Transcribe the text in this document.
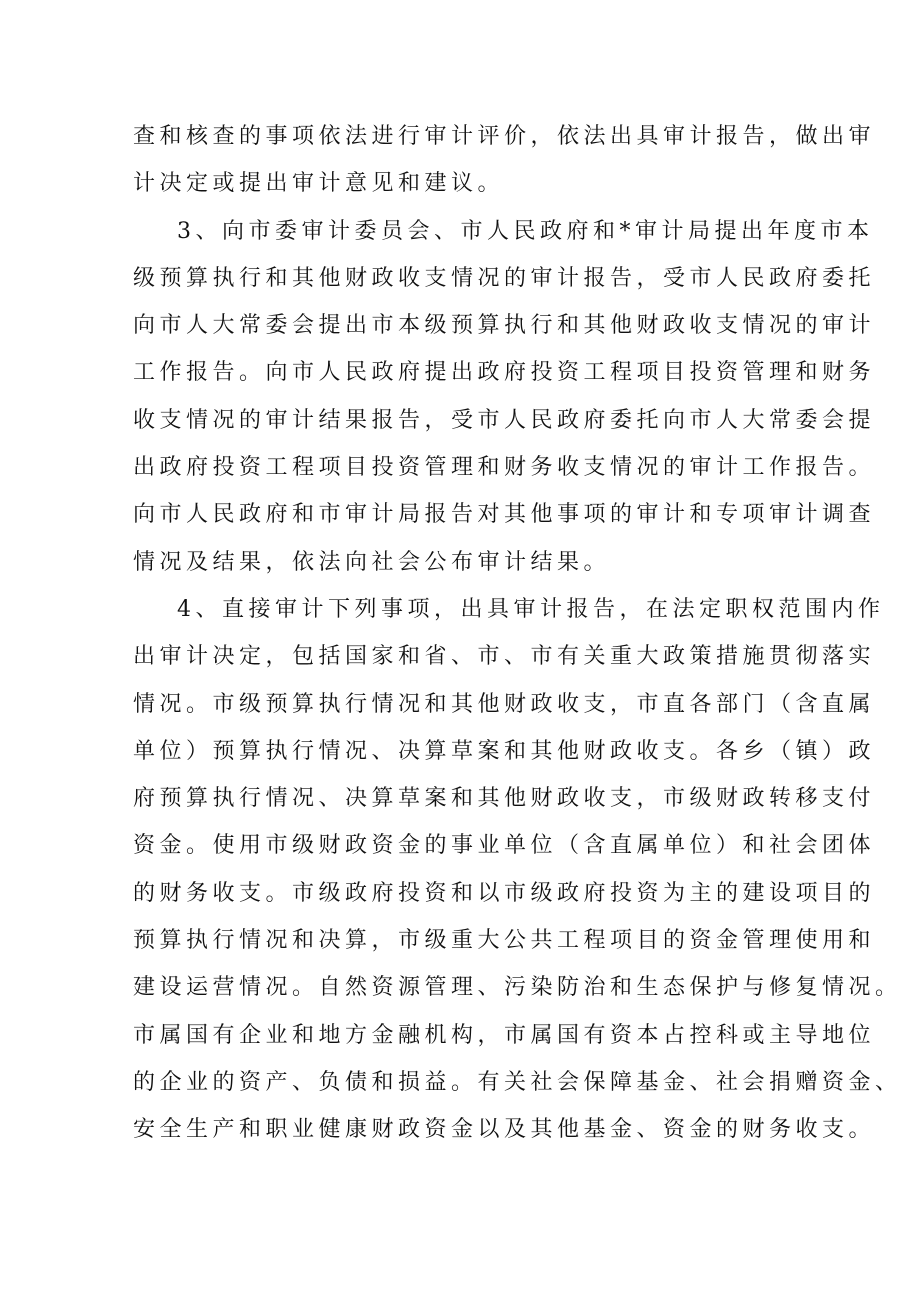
查和核查的事项依法进行审计评价，依法出具审计报告，做出审
计决定或提出审计意见和建议。
3、向市委审计委员会、市人民政府和*审计局提出年度市本
级预算执行和其他财政收支情况的审计报告，受市人民政府委托
向市人大常委会提出市本级预算执行和其他财政收支情况的审计
工作报告。向市人民政府提出政府投资工程项目投资管理和财务
收支情况的审计结果报告，受市人民政府委托向市人大常委会提
出政府投资工程项目投资管理和财务收支情况的审计工作报告。
向市人民政府和市审计局报告对其他事项的审计和专项审计调查
情况及结果，依法向社会公布审计结果。
4、直接审计下列事项，出具审计报告，在法定职权范围内作
出审计决定，包括国家和省、市、市有关重大政策措施贯彻落实
情况。市级预算执行情况和其他财政收支，市直各部门（含直属
单位）预算执行情况、决算草案和其他财政收支。各乡（镇）政
府预算执行情况、决算草案和其他财政收支，市级财政转移支付
资金。使用市级财政资金的事业单位（含直属单位）和社会团体
的财务收支。市级政府投资和以市级政府投资为主的建设项目的
预算执行情况和决算，市级重大公共工程项目的资金管理使用和
建设运营情况。自然资源管理、污染防治和生态保护与修复情况。
市属国有企业和地方金融机构，市属国有资本占控科或主导地位
的企业的资产、负债和损益。有关社会保障基金、社会捐赠资金、
安全生产和职业健康财政资金以及其他基金、资金的财务收支。
